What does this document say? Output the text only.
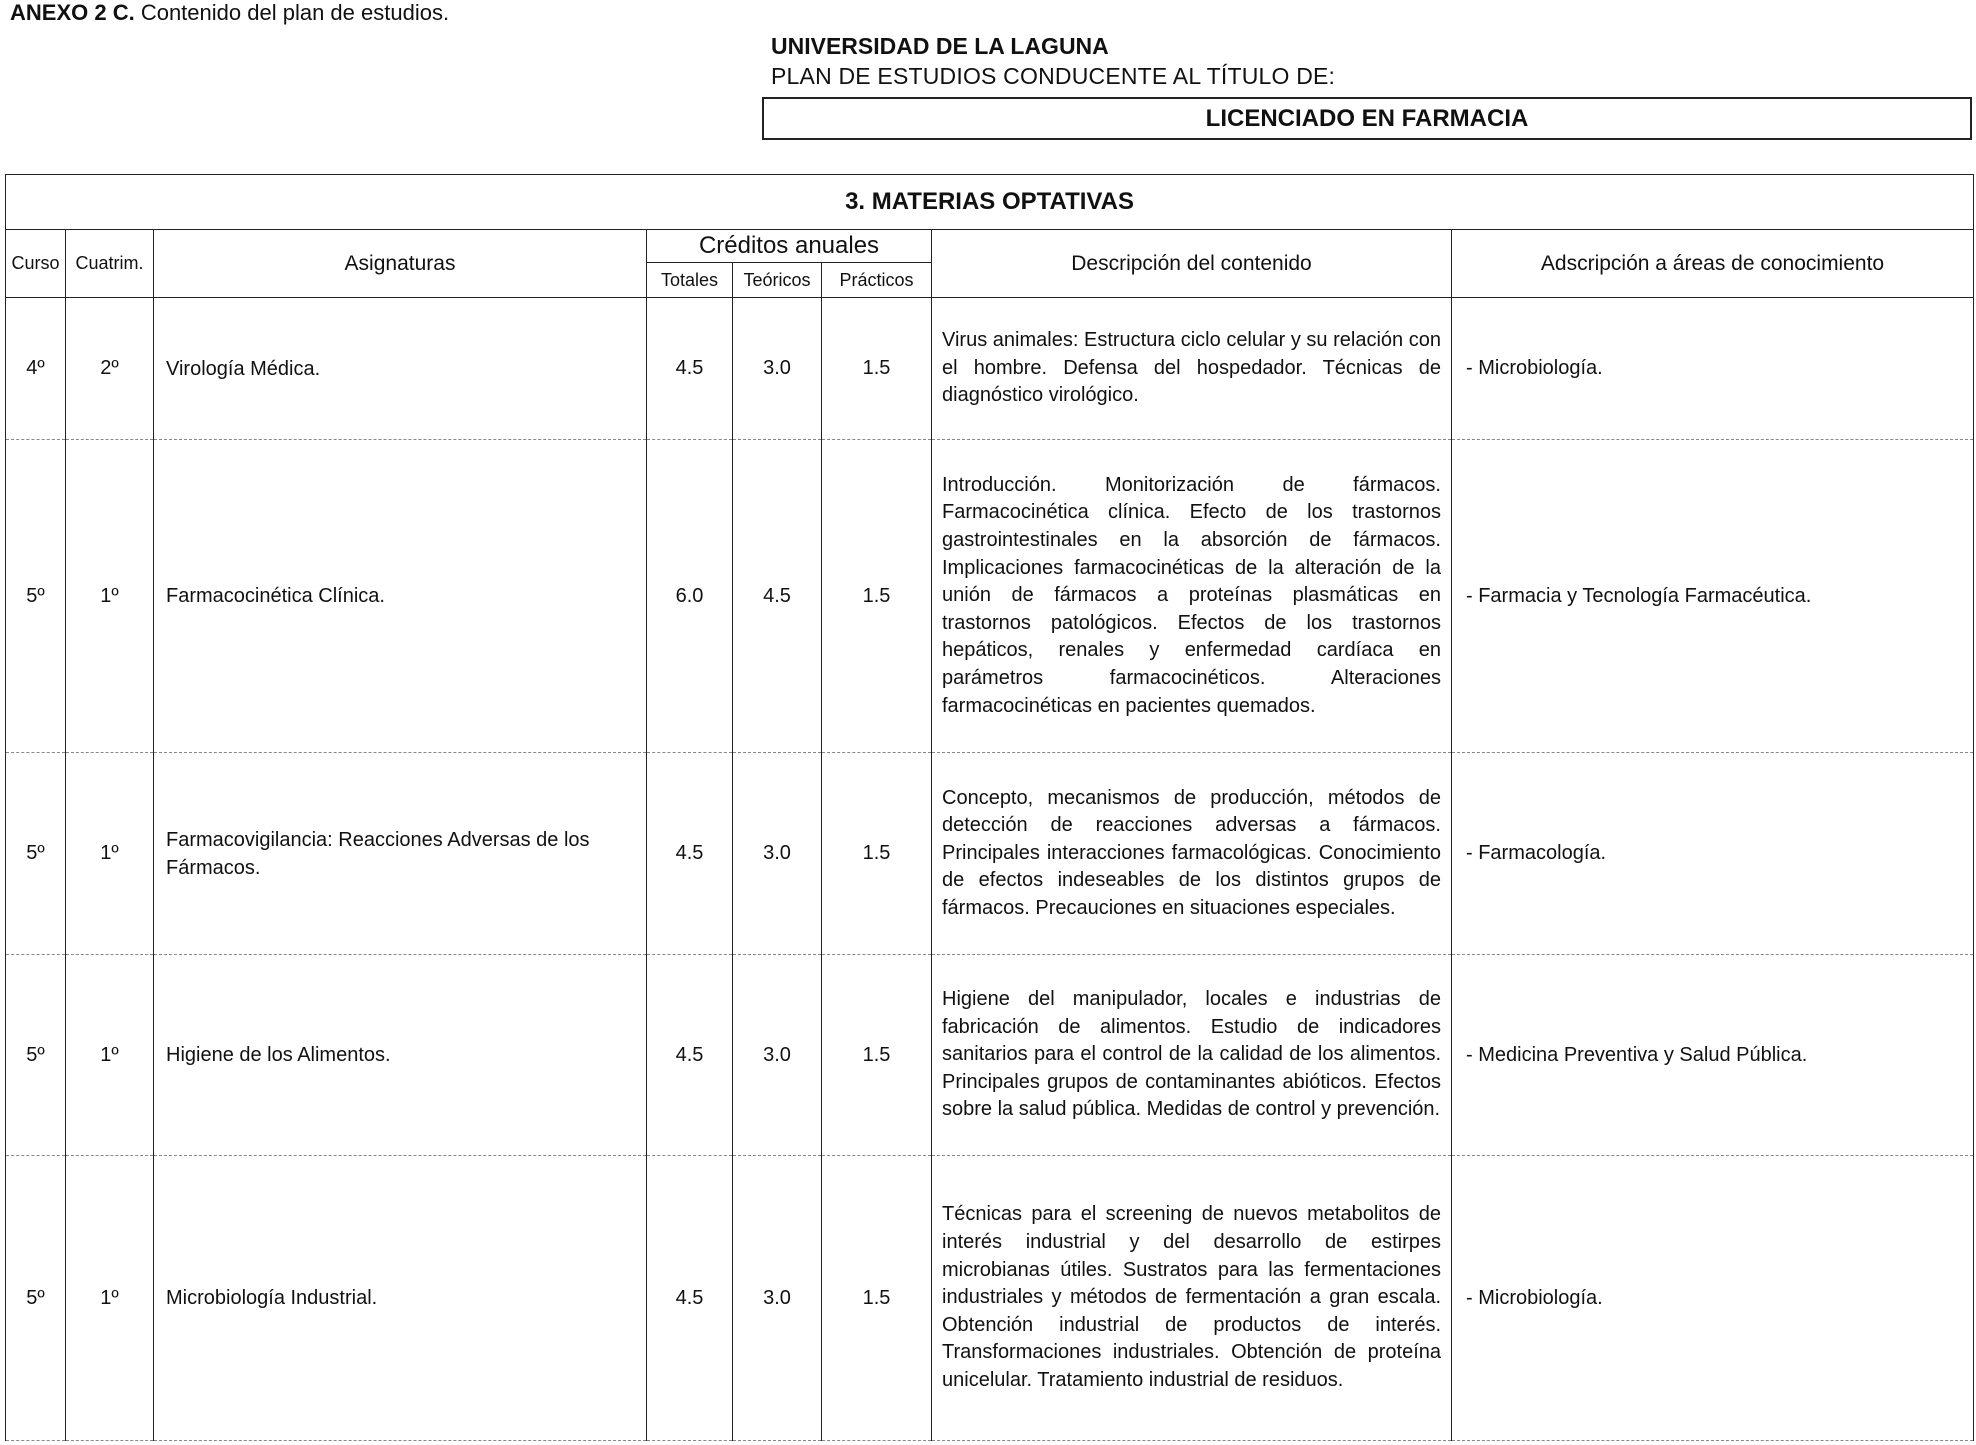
ANEXO 2 C. Contenido del plan de estudios.
UNIVERSIDAD DE LA LAGUNA
PLAN DE ESTUDIOS CONDUCENTE AL TÍTULO DE:
LICENCIADO EN FARMACIA
3. MATERIAS OPTATIVAS							
Curso	Cuatrim.	Asignaturas	Créditos anuales			Descripción del contenido	Adscripción a áreas de conocimiento
			Totales	Teóricos	Prácticos		
4º	2º	Virología Médica.	4.5	3.0	1.5	Virus animales: Estructura ciclo celular y su relación con el hombre. Defensa del hospedador. Técnicas de diagnóstico virológico.	- Microbiología.
5º	1º	Farmacocinética Clínica.	6.0	4.5	1.5	Introducción. Monitorización de fármacos. Farmacocinética clínica. Efecto de los trastornos gastrointestinales en la absorción de fármacos. Implicaciones farmacocinéticas de la alteración de la unión de fármacos a proteínas plasmáticas en trastornos patológicos. Efectos de los trastornos hepáticos, renales y enfermedad cardíaca en parámetros farmacocinéticos. Alteraciones farmacocinéticas en pacientes quemados.	- Farmacia y Tecnología Farmacéutica.
5º	1º	Farmacovigilancia: Reacciones Adversas de los Fármacos.	4.5	3.0	1.5	Concepto, mecanismos de producción, métodos de detección de reacciones adversas a fármacos. Principales interacciones farmacológicas. Conocimiento de efectos indeseables de los distintos grupos de fármacos. Precauciones en situaciones especiales.	- Farmacología.
5º	1º	Higiene de los Alimentos.	4.5	3.0	1.5	Higiene del manipulador, locales e industrias de fabricación de alimentos. Estudio de indicadores sanitarios para el control de la calidad de los alimentos. Principales grupos de contaminantes abióticos. Efectos sobre la salud pública. Medidas de control y prevención.	- Medicina Preventiva y Salud Pública.
5º	1º	Microbiología Industrial.	4.5	3.0	1.5	Técnicas para el screening de nuevos metabolitos de interés industrial y del desarrollo de estirpes microbianas útiles. Sustratos para las fermentaciones industriales y métodos de fermentación a gran escala. Obtención industrial de productos de interés. Transformaciones industriales. Obtención de proteína unicelular. Tratamiento industrial de residuos.	- Microbiología.
